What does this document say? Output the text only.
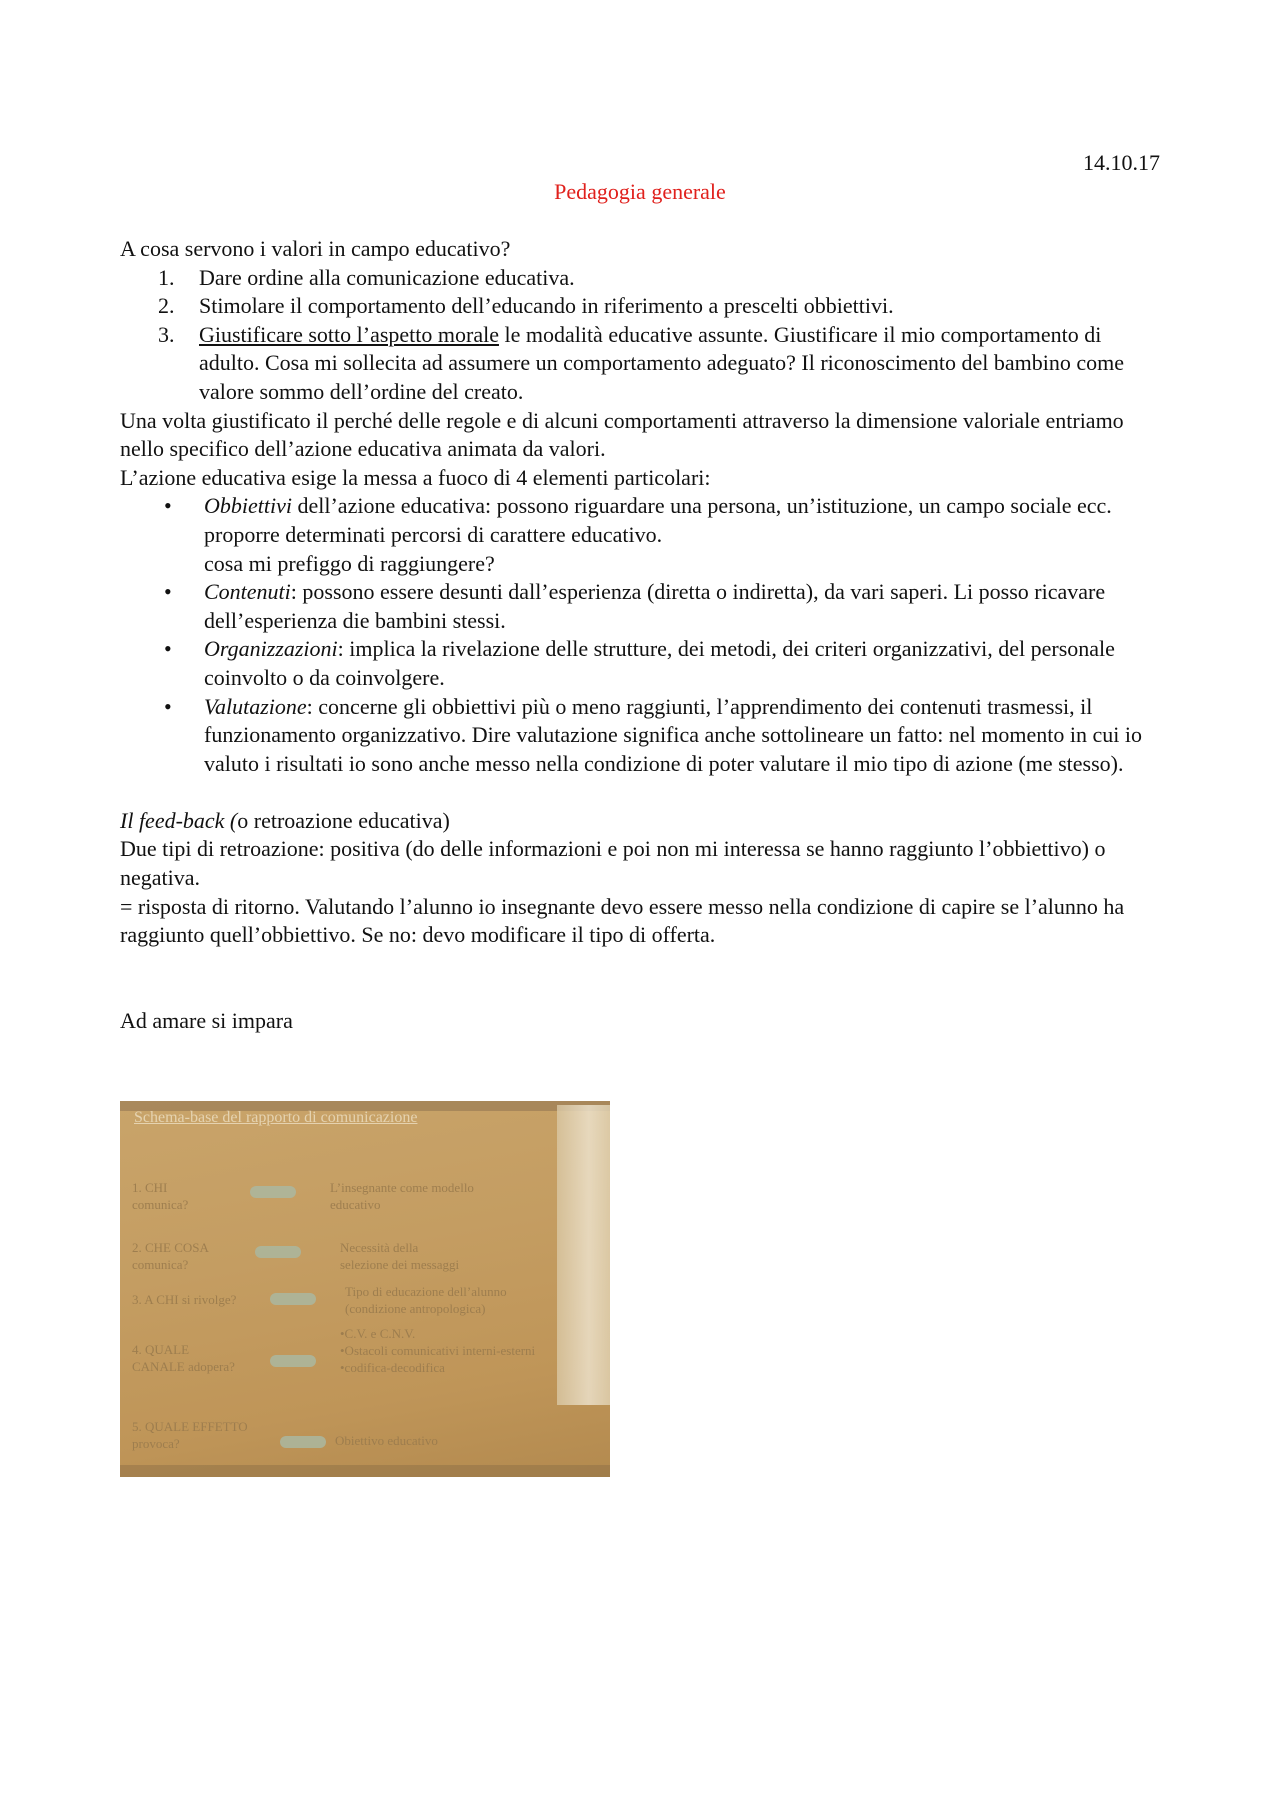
14.10.17
Pedagogia generale

A cosa servono i valori in campo educativo?

1. Dare ordine alla comunicazione educativa.
2. Stimolare il comportamento dell’educando in riferimento a prescelti obbiettivi.
3. Giustificare sotto l’aspetto morale le modalità educative assunte. Giustificare il mio comportamento di adulto. Cosa mi sollecita ad assumere un comportamento adeguato? Il riconoscimento del bambino come valore sommo dell’ordine del creato.

Una volta giustificato il perché delle regole e di alcuni comportamenti attraverso la dimensione valoriale entriamo nello specifico dell’azione educativa animata da valori.

L’azione educativa esige la messa a fuoco di 4 elementi particolari:

• Obbiettivi dell’azione educativa: possono riguardare una persona, un’istituzione, un campo sociale ecc. proporre determinati percorsi di carattere educativo.
cosa mi prefiggo di raggiungere?
• Contenuti: possono essere desunti dall’esperienza (diretta o indiretta), da vari saperi. Li posso ricavare dell’esperienza die bambini stessi.
• Organizzazioni: implica la rivelazione delle strutture, dei metodi, dei criteri organizzativi, del personale coinvolto o da coinvolgere.
• Valutazione: concerne gli obbiettivi più o meno raggiunti, l’apprendimento dei contenuti trasmessi, il funzionamento organizzativo. Dire valutazione significa anche sottolineare un fatto: nel momento in cui io valuto i risultati io sono anche messo nella condizione di poter valutare il mio tipo di azione (me stesso).

Il feed-back (o retroazione educativa)

Due tipi di retroazione: positiva (do delle informazioni e poi non mi interessa se hanno raggiunto l’obbiettivo) o negativa.

= risposta di ritorno. Valutando l’alunno io insegnante devo essere messo nella condizione di capire se l’alunno ha raggiunto quell’obbiettivo. Se no: devo modificare il tipo di offerta.

Ad amare si impara

Schema-base del rapporto di comunicazione
1. CHI
comunica?
L’insegnante come modello
educativo
2. CHE COSA
comunica?
Necessità della
selezione dei messaggi
3. A CHI si rivolge?
Tipo di educazione dell’alunno
(condizione antropologica)
4. QUALE
CANALE adopera?
•C.V. e C.N.V.
•Ostacoli comunicativi interni-esterni
•codifica-decodifica
5. QUALE EFFETTO
provoca?	Obiettivo educativo
